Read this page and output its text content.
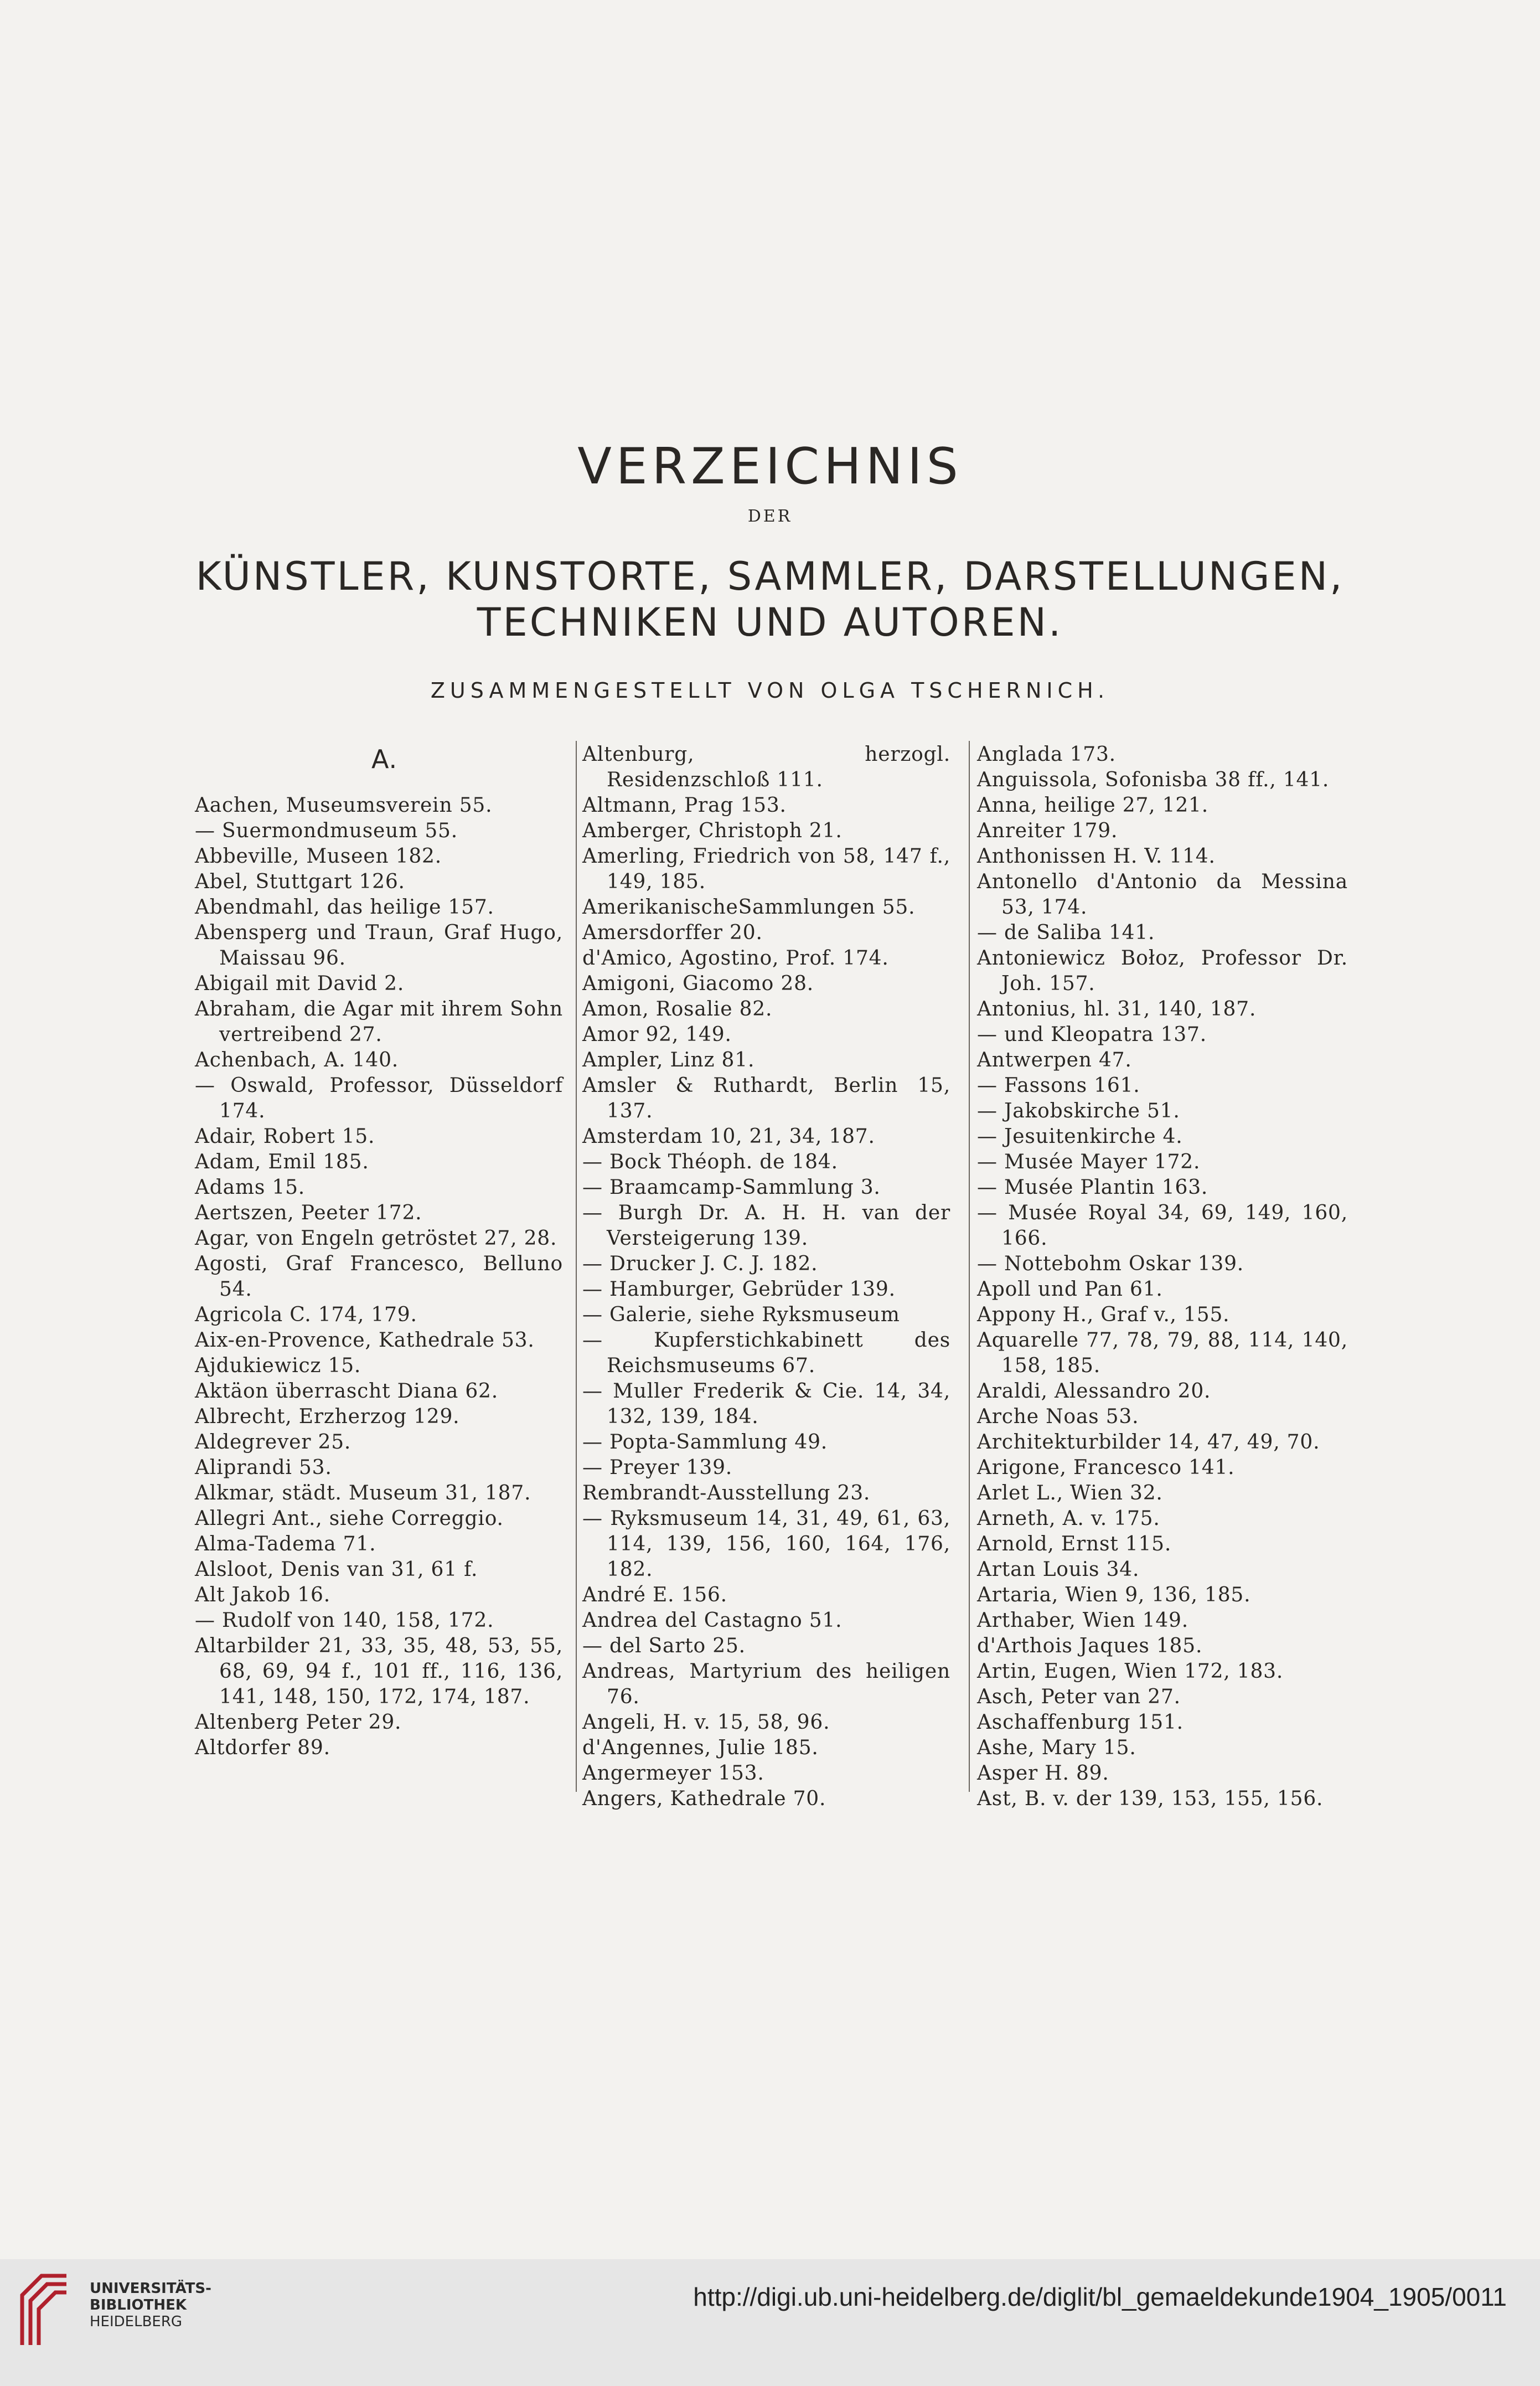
VERZEICHNIS
DER
KÜNSTLER, KUNSTORTE, SAMMLER, DARSTELLUNGEN,
TECHNIKEN UND AUTOREN.
ZUSAMMENGESTELLT VON OLGA TSCHERNICH.
A.
Aachen, Museumsverein 55.
— Suermondmuseum 55.
Abbeville, Museen 182.
Abel, Stuttgart 126.
Abendmahl, das heilige 157.
Abensperg und Traun, Graf Hugo, Maissau 96.
Abigail mit David 2.
Abraham, die Agar mit ihrem Sohn vertreibend 27.
Achenbach, A. 140.
— Oswald, Professor, Düsseldorf 174.
Adair, Robert 15.
Adam, Emil 185.
Adams 15.
Aertszen, Peeter 172.
Agar, von Engeln getröstet 27, 28.
Agosti, Graf Francesco, Belluno 54.
Agricola C. 174, 179.
Aix-en-Provence, Kathedrale 53.
Ajdukiewicz 15.
Aktäon überrascht Diana 62.
Albrecht, Erzherzog 129.
Aldegrever 25.
Aliprandi 53.
Alkmar, städt. Museum 31, 187.
Allegri Ant., siehe Correggio.
Alma-Tadema 71.
Alsloot, Denis van 31, 61 f.
Alt Jakob 16.
— Rudolf von 140, 158, 172.
Altarbilder 21, 33, 35, 48, 53, 55, 68, 69, 94 f., 101 ff., 116, 136, 141, 148, 150, 172, 174, 187.
Altenberg Peter 29.
Altdorfer 89.
Altenburg, herzogl. Residenzschloß 111.
Altmann, Prag 153.
Amberger, Christoph 21.
Amerling, Friedrich von 58, 147 f., 149, 185.
AmerikanischeSammlungen 55.
Amersdorffer 20.
d'Amico, Agostino, Prof. 174.
Amigoni, Giacomo 28.
Amon, Rosalie 82.
Amor 92, 149.
Ampler, Linz 81.
Amsler & Ruthardt, Berlin 15, 137.
Amsterdam 10, 21, 34, 187.
— Bock Théoph. de 184.
— Braamcamp-Sammlung 3.
— Burgh Dr. A. H. H. van der Versteigerung 139.
— Drucker J. C. J. 182.
— Hamburger, Gebrüder 139.
— Galerie, siehe Ryksmuseum
— Kupferstichkabinett des Reichsmuseums 67.
— Muller Frederik & Cie. 14, 34, 132, 139, 184.
— Popta-Sammlung 49.
— Preyer 139.
Rembrandt-Ausstellung 23.
— Ryksmuseum 14, 31, 49, 61, 63, 114, 139, 156, 160, 164, 176, 182.
André E. 156.
Andrea del Castagno 51.
— del Sarto 25.
Andreas, Martyrium des heiligen 76.
Angeli, H. v. 15, 58, 96.
d'Angennes, Julie 185.
Angermeyer 153.
Angers, Kathedrale 70.
Anglada 173.
Anguissola, Sofonisba 38 ff., 141.
Anna, heilige 27, 121.
Anreiter 179.
Anthonissen H. V. 114.
Antonello d'Antonio da Messina 53, 174.
— de Saliba 141.
Antoniewicz Bołoz, Professor Dr. Joh. 157.
Antonius, hl. 31, 140, 187.
— und Kleopatra 137.
Antwerpen 47.
— Fassons 161.
— Jakobskirche 51.
— Jesuitenkirche 4.
— Musée Mayer 172.
— Musée Plantin 163.
— Musée Royal 34, 69, 149, 160, 166.
— Nottebohm Oskar 139.
Apoll und Pan 61.
Appony H., Graf v., 155.
Aquarelle 77, 78, 79, 88, 114, 140, 158, 185.
Araldi, Alessandro 20.
Arche Noas 53.
Architekturbilder 14, 47, 49, 70.
Arigone, Francesco 141.
Arlet L., Wien 32.
Arneth, A. v. 175.
Arnold, Ernst 115.
Artan Louis 34.
Artaria, Wien 9, 136, 185.
Arthaber, Wien 149.
d'Arthois Jaques 185.
Artin, Eugen, Wien 172, 183.
Asch, Peter van 27.
Aschaffenburg 151.
Ashe, Mary 15.
Asper H. 89.
Ast, B. v. der 139, 153, 155, 156.
UNIVERSITÄTS-
BIBLIOTHEK
HEIDELBERG
http://digi.ub.uni-heidelberg.de/diglit/bl_gemaeldekunde1904_1905/0011
